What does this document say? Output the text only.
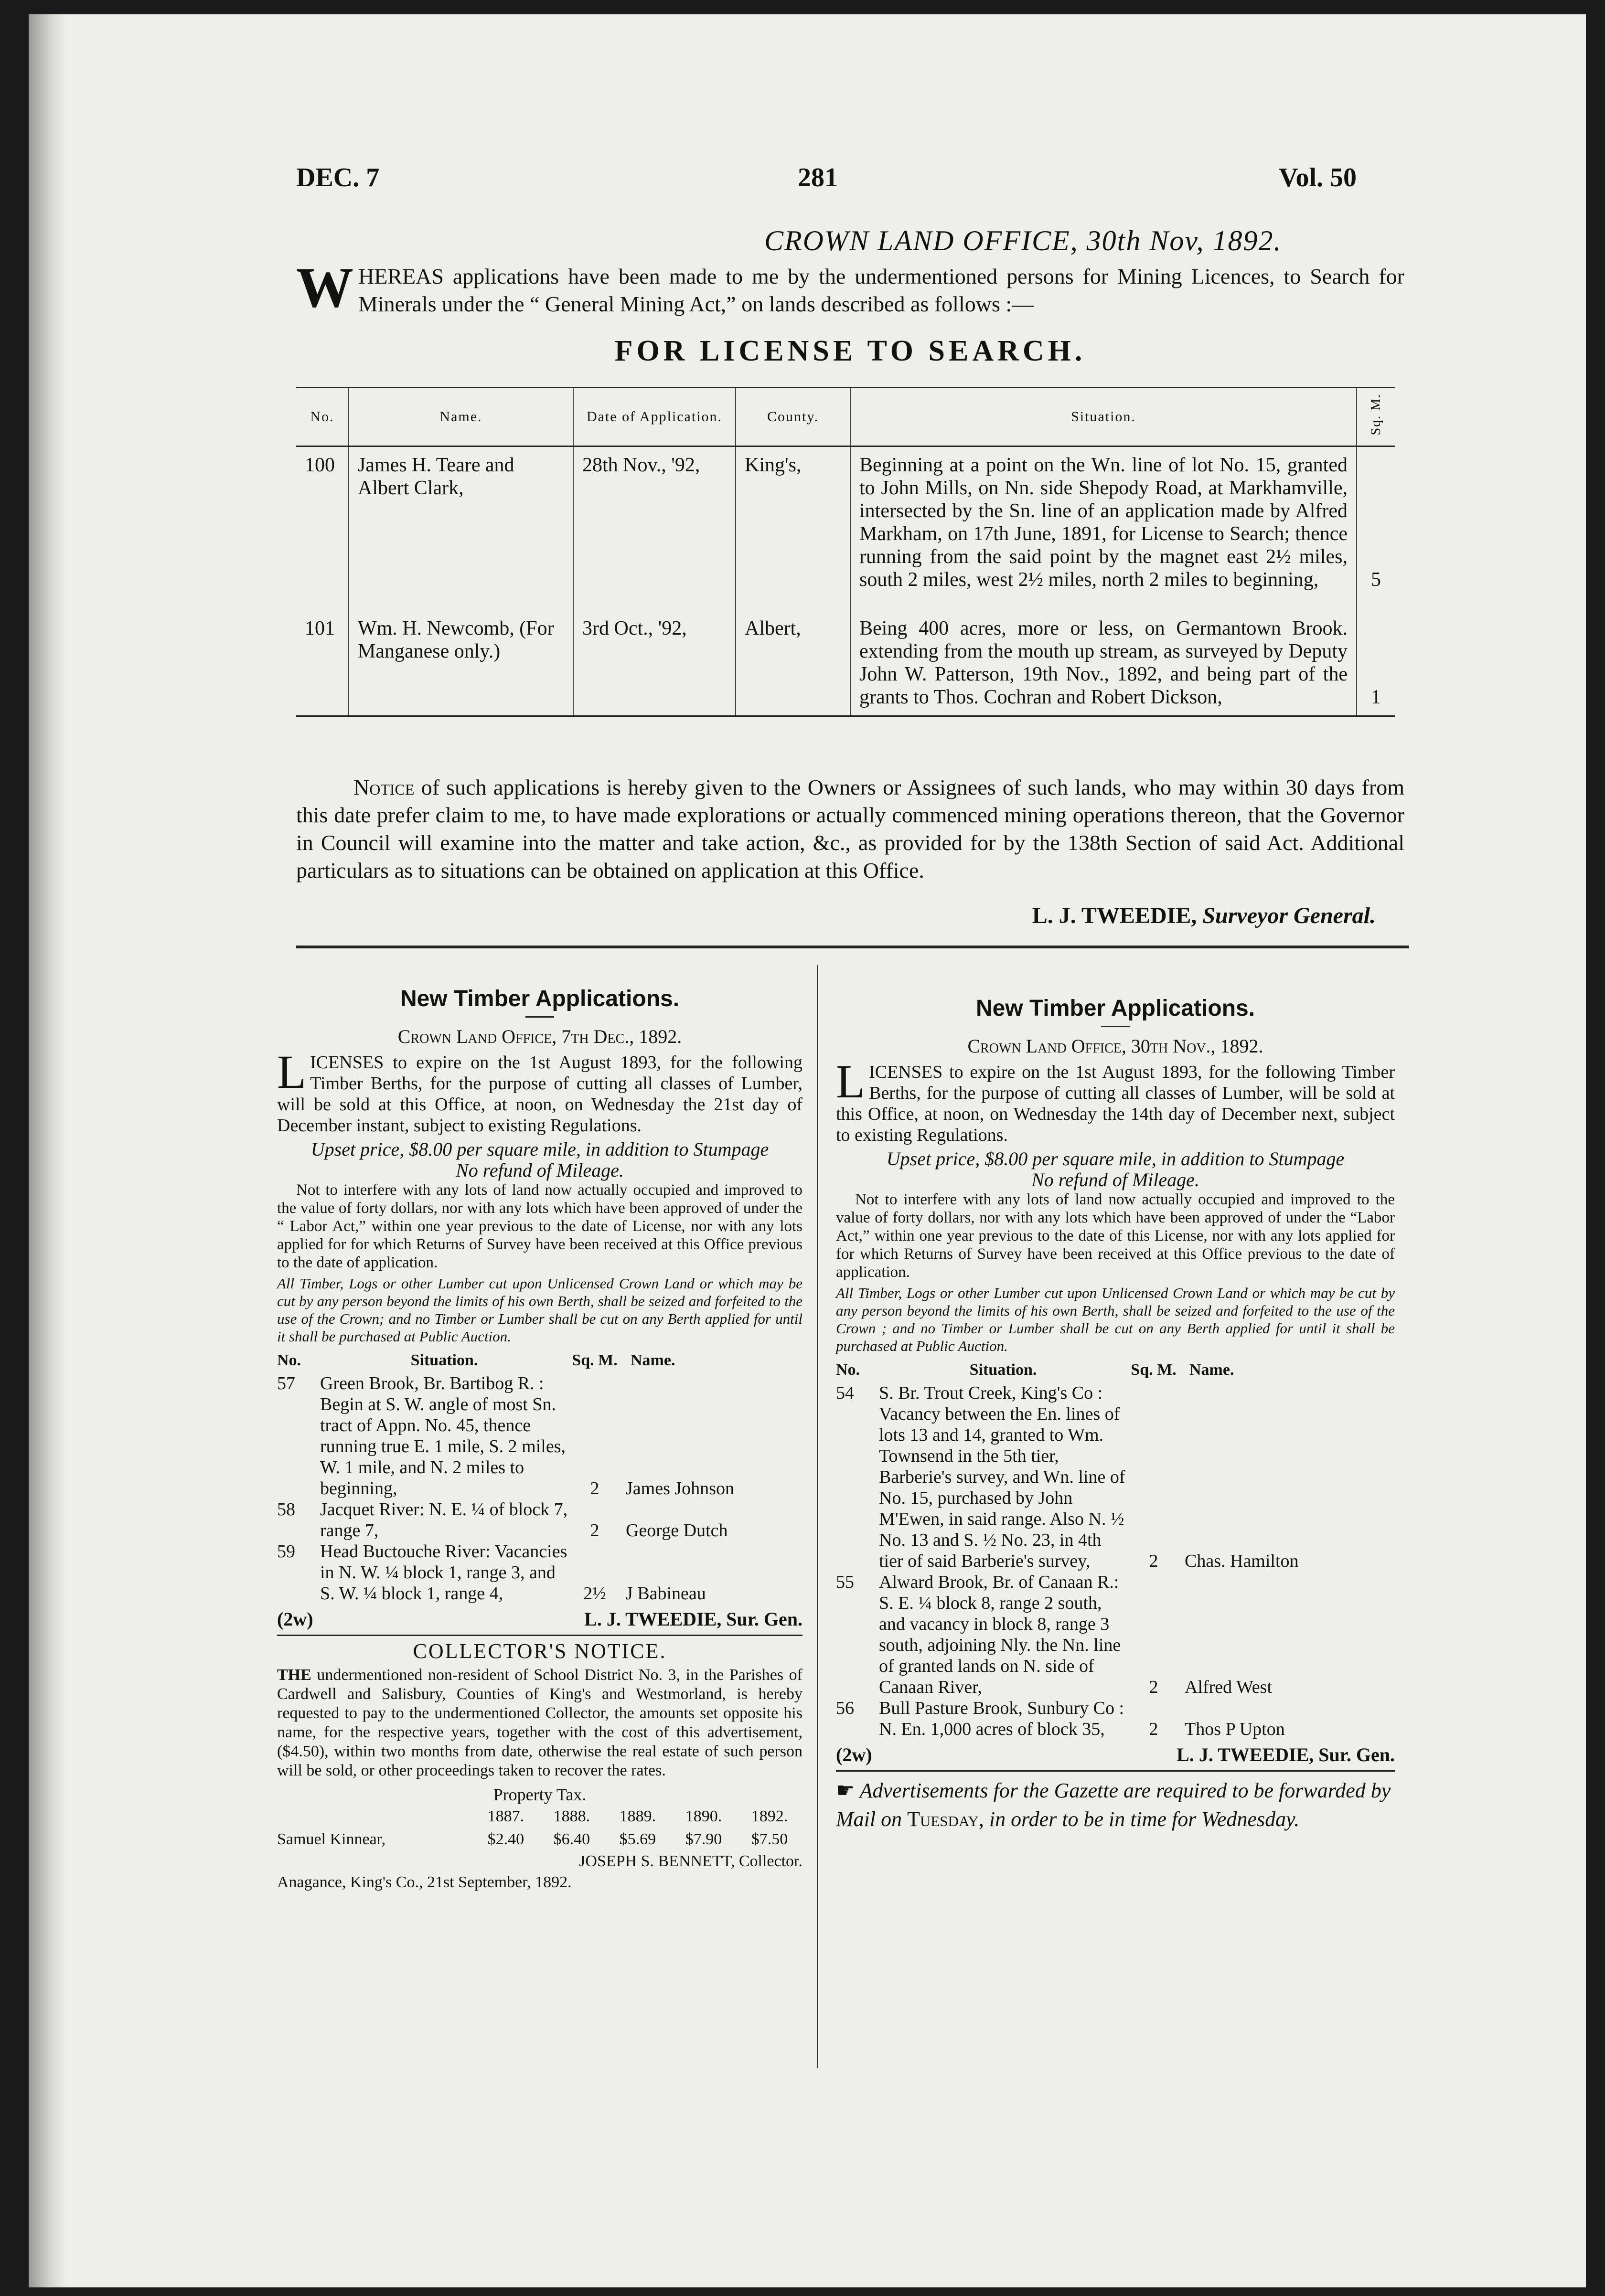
DEC. 7	281	Vol. 50
CROWN LAND OFFICE, 30th Nov, 1892.
WHEREAS applications have been made to me by the undermentioned persons for Mining Licences, to Search for Minerals under the “ General Mining Act,” on lands described as follows :—
FOR LICENSE TO SEARCH.
No.	Name.	Date of Application.	County.	Situation.	Sq. M.
100	James H. Teare and Albert Clark,	28th Nov., '92,	King's,	Beginning at a point on the Wn. line of lot No. 15, granted to John Mills, on Nn. side Shepody Road, at Markhamville, intersected by the Sn. line of an application made by Alfred Markham, on 17th June, 1891, for License to Search; thence running from the said point by the magnet east 2½ miles, south 2 miles, west 2½ miles, north 2 miles to beginning,	5
101	Wm. H. Newcomb, (For Manganese only.)	3rd Oct., '92,	Albert,	Being 400 acres, more or less, on Germantown Brook. extending from the mouth up stream, as surveyed by Deputy John W. Patterson, 19th Nov., 1892, and being part of the grants to Thos. Cochran and Robert Dickson,	1
Notice of such applications is hereby given to the Owners or Assignees of such lands, who may within 30 days from this date prefer claim to me, to have made explorations or actually commenced mining operations thereon, that the Governor in Council will examine into the matter and take action, &c., as provided for by the 138th Section of said Act. Additional particulars as to situations can be obtained on application at this Office.
L. J. TWEEDIE, Surveyor General.
New Timber Applications.
Crown Land Office, 7th Dec., 1892.

LICENSES to expire on the 1st August 1893, for the following Timber Berths, for the purpose of cutting all classes of Lumber, will be sold at this Office, at noon, on Wednesday the 21st day of December instant, subject to existing Regulations.

Upset price, $8.00 per square mile, in addition to Stumpage
No refund of Mileage.

Not to interfere with any lots of land now actually occupied and improved to the value of forty dollars, nor with any lots which have been approved of under the “ Labor Act,” within one year previous to the date of License, nor with any lots applied for for which Returns of Survey have been received at this Office previous to the date of application.

All Timber, Logs or other Lumber cut upon Unlicensed Crown Land or which may be cut by any person beyond the limits of his own Berth, shall be seized and forfeited to the use of the Crown; and no Timber or Lumber shall be cut on any Berth applied for until it shall be purchased at Public Auction.

No.	Situation.	Sq. M.	Name.
57	Green Brook, Br. Bartibog R. : Begin at S. W. angle of most Sn. tract of Appn. No. 45, thence running true E. 1 mile, S. 2 miles, W. 1 mile, and N. 2 miles to beginning,	2	James Johnson
58	Jacquet River: N. E. ¼ of block 7, range 7,	2	George Dutch
59	Head Buctouche River: Vacancies in N. W. ¼ block 1, range 3, and S. W. ¼ block 1, range 4,	2½	J Babineau
(2w)	L. J. TWEEDIE, Sur. Gen.
COLLECTOR'S NOTICE.

THE undermentioned non-resident of School District No. 3, in the Parishes of Cardwell and Salisbury, Counties of King's and Westmorland, is hereby requested to pay to the undermentioned Collector, the amounts set opposite his name, for the respective years, together with the cost of this advertisement, ($4.50), within two months from date, otherwise the real estate of such person will be sold, or other proceedings taken to recover the rates.

Property Tax.
	1887.	1888.	1889.	1890.	1892.
Samuel Kinnear,	$2.40	$6.40	$5.69	$7.90	$7.50
JOSEPH S. BENNETT, Collector.
Anagance, King's Co., 21st September, 1892.
New Timber Applications.
Crown Land Office, 30th Nov., 1892.

LICENSES to expire on the 1st August 1893, for the following Timber Berths, for the purpose of cutting all classes of Lumber, will be sold at this Office, at noon, on Wednesday the 14th day of December next, subject to existing Regulations.

Upset price, $8.00 per square mile, in addition to Stumpage
No refund of Mileage.

Not to interfere with any lots of land now actually occupied and improved to the value of forty dollars, nor with any lots which have been approved of under the “Labor Act,” within one year previous to the date of this License, nor with any lots applied for for which Returns of Survey have been received at this Office previous to the date of application.

All Timber, Logs or other Lumber cut upon Unlicensed Crown Land or which may be cut by any person beyond the limits of his own Berth, shall be seized and forfeited to the use of the Crown ; and no Timber or Lumber shall be cut on any Berth applied for until it shall be purchased at Public Auction.

No.	Situation.	Sq. M.	Name.
54	S. Br. Trout Creek, King's Co : Vacancy between the En. lines of lots 13 and 14, granted to Wm. Townsend in the 5th tier, Barberie's survey, and Wn. line of No. 15, purchased by John M'Ewen, in said range. Also N. ½ No. 13 and S. ½ No. 23, in 4th tier of said Barberie's survey,	2	Chas. Hamilton
55	Alward Brook, Br. of Canaan R.: S. E. ¼ block 8, range 2 south, and vacancy in block 8, range 3 south, adjoining Nly. the Nn. line of granted lands on N. side of Canaan River,	2	Alfred West
56	Bull Pasture Brook, Sunbury Co : N. En. 1,000 acres of block 35,	2	Thos P Upton
(2w)	L. J. TWEEDIE, Sur. Gen.
☛ Advertisements for the Gazette are required to be forwarded by Mail on Tuesday, in order to be in time for Wednesday.
